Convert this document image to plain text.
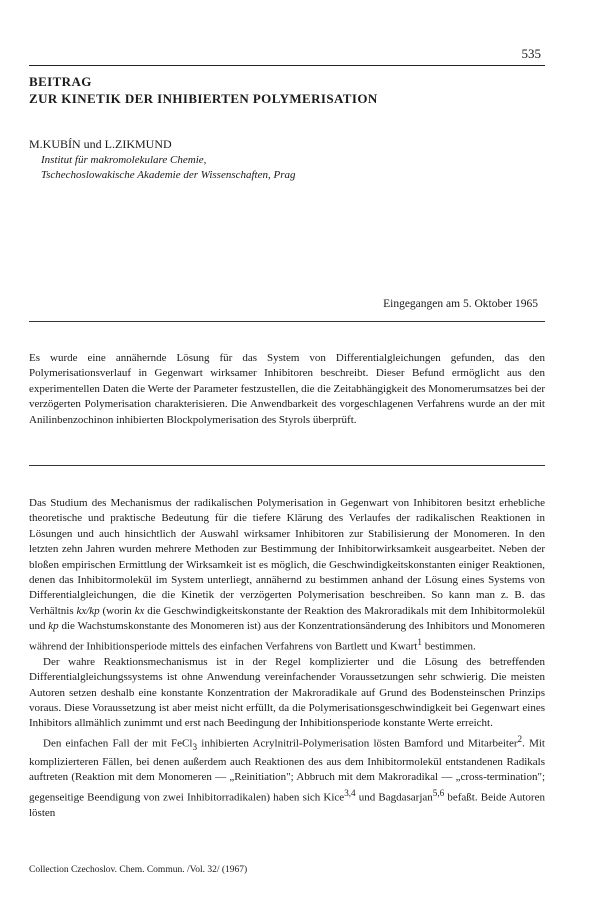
535
BEITRAG
ZUR KINETIK DER INHIBIERTEN POLYMERISATION
M.KUBÍN und L.ZIKMUND
Institut für makromolekulare Chemie,
Tschechoslowakische Akademie der Wissenschaften, Prag
Eingegangen am 5. Oktober 1965
Es wurde eine annähernde Lösung für das System von Differentialgleichungen gefunden, das den Polymerisationsverlauf in Gegenwart wirksamer Inhibitoren beschreibt. Dieser Befund ermöglicht aus den experimentellen Daten die Werte der Parameter festzustellen, die die Zeitabhängigkeit des Monomerumsatzes bei der verzögerten Polymerisation charakterisieren. Die Anwendbarkeit des vorgeschlagenen Verfahrens wurde an der mit Anilinbenzochinon inhibierten Blockpolymerisation des Styrols überprüft.

Das Studium des Mechanismus der radikalischen Polymerisation in Gegenwart von Inhibitoren besitzt erhebliche theoretische und praktische Bedeutung für die tiefere Klärung des Verlaufes der radikalischen Reaktionen in Lösungen und auch hinsichtlich der Auswahl wirksamer Inhibitoren zur Stabilisierung der Monomeren. In den letzten zehn Jahren wurden mehrere Methoden zur Bestimmung der Inhibitorwirksamkeit ausgearbeitet. Neben der bloßen empirischen Ermittlung der Wirksamkeit ist es möglich, die Geschwindigkeitskonstanten einiger Reaktionen, denen das Inhibitormolekül im System unterliegt, annähernd zu bestimmen anhand der Lösung eines Systems von Differentialgleichungen, die die Kinetik der verzögerten Polymerisation beschreiben. So kann man z. B. das Verhältnis kx/kp (worin kx die Geschwindigkeitskonstante der Reaktion des Makroradikals mit dem Inhibitormolekül und kp die Wachstumskonstante des Monomeren ist) aus der Konzentrationsänderung des Inhibitors und Monomeren während der Inhibitionsperiode mittels des einfachen Verfahrens von Bartlett und Kwart$^1$ bestimmen.

Der wahre Reaktionsmechanismus ist in der Regel komplizierter und die Lösung des betreffenden Differentialgleichungssystems ist ohne Anwendung vereinfachender Voraussetzungen sehr schwierig. Die meisten Autoren setzen deshalb eine konstante Konzentration der Makroradikale auf Grund des Bodensteinschen Prinzips voraus. Diese Voraussetzung ist aber meist nicht erfüllt, da die Polymerisationsgeschwindigkeit bei Gegenwart eines Inhibitors allmählich zunimmt und erst nach Beedingung der Inhibitionsperiode konstante Werte erreicht.

Den einfachen Fall der mit FeCl$_3$ inhibierten Acrylnitril-Polymerisation lösten Bamford und Mitarbeiter$^2$. Mit komplizierteren Fällen, bei denen außerdem auch Reaktionen des aus dem Inhibitormolekül entstandenen Radikals auftreten (Reaktion mit dem Monomeren — „Reinitiation"; Abbruch mit dem Makroradikal — „cross-termination"; gegenseitige Beendigung von zwei Inhibitorradikalen) haben sich Kice$^{3,4}$ und Bagdasarjan$^{5,6}$ befaßt. Beide Autoren lösten

Collection Czechoslov. Chem. Commun. /Vol. 32/ (1967)
